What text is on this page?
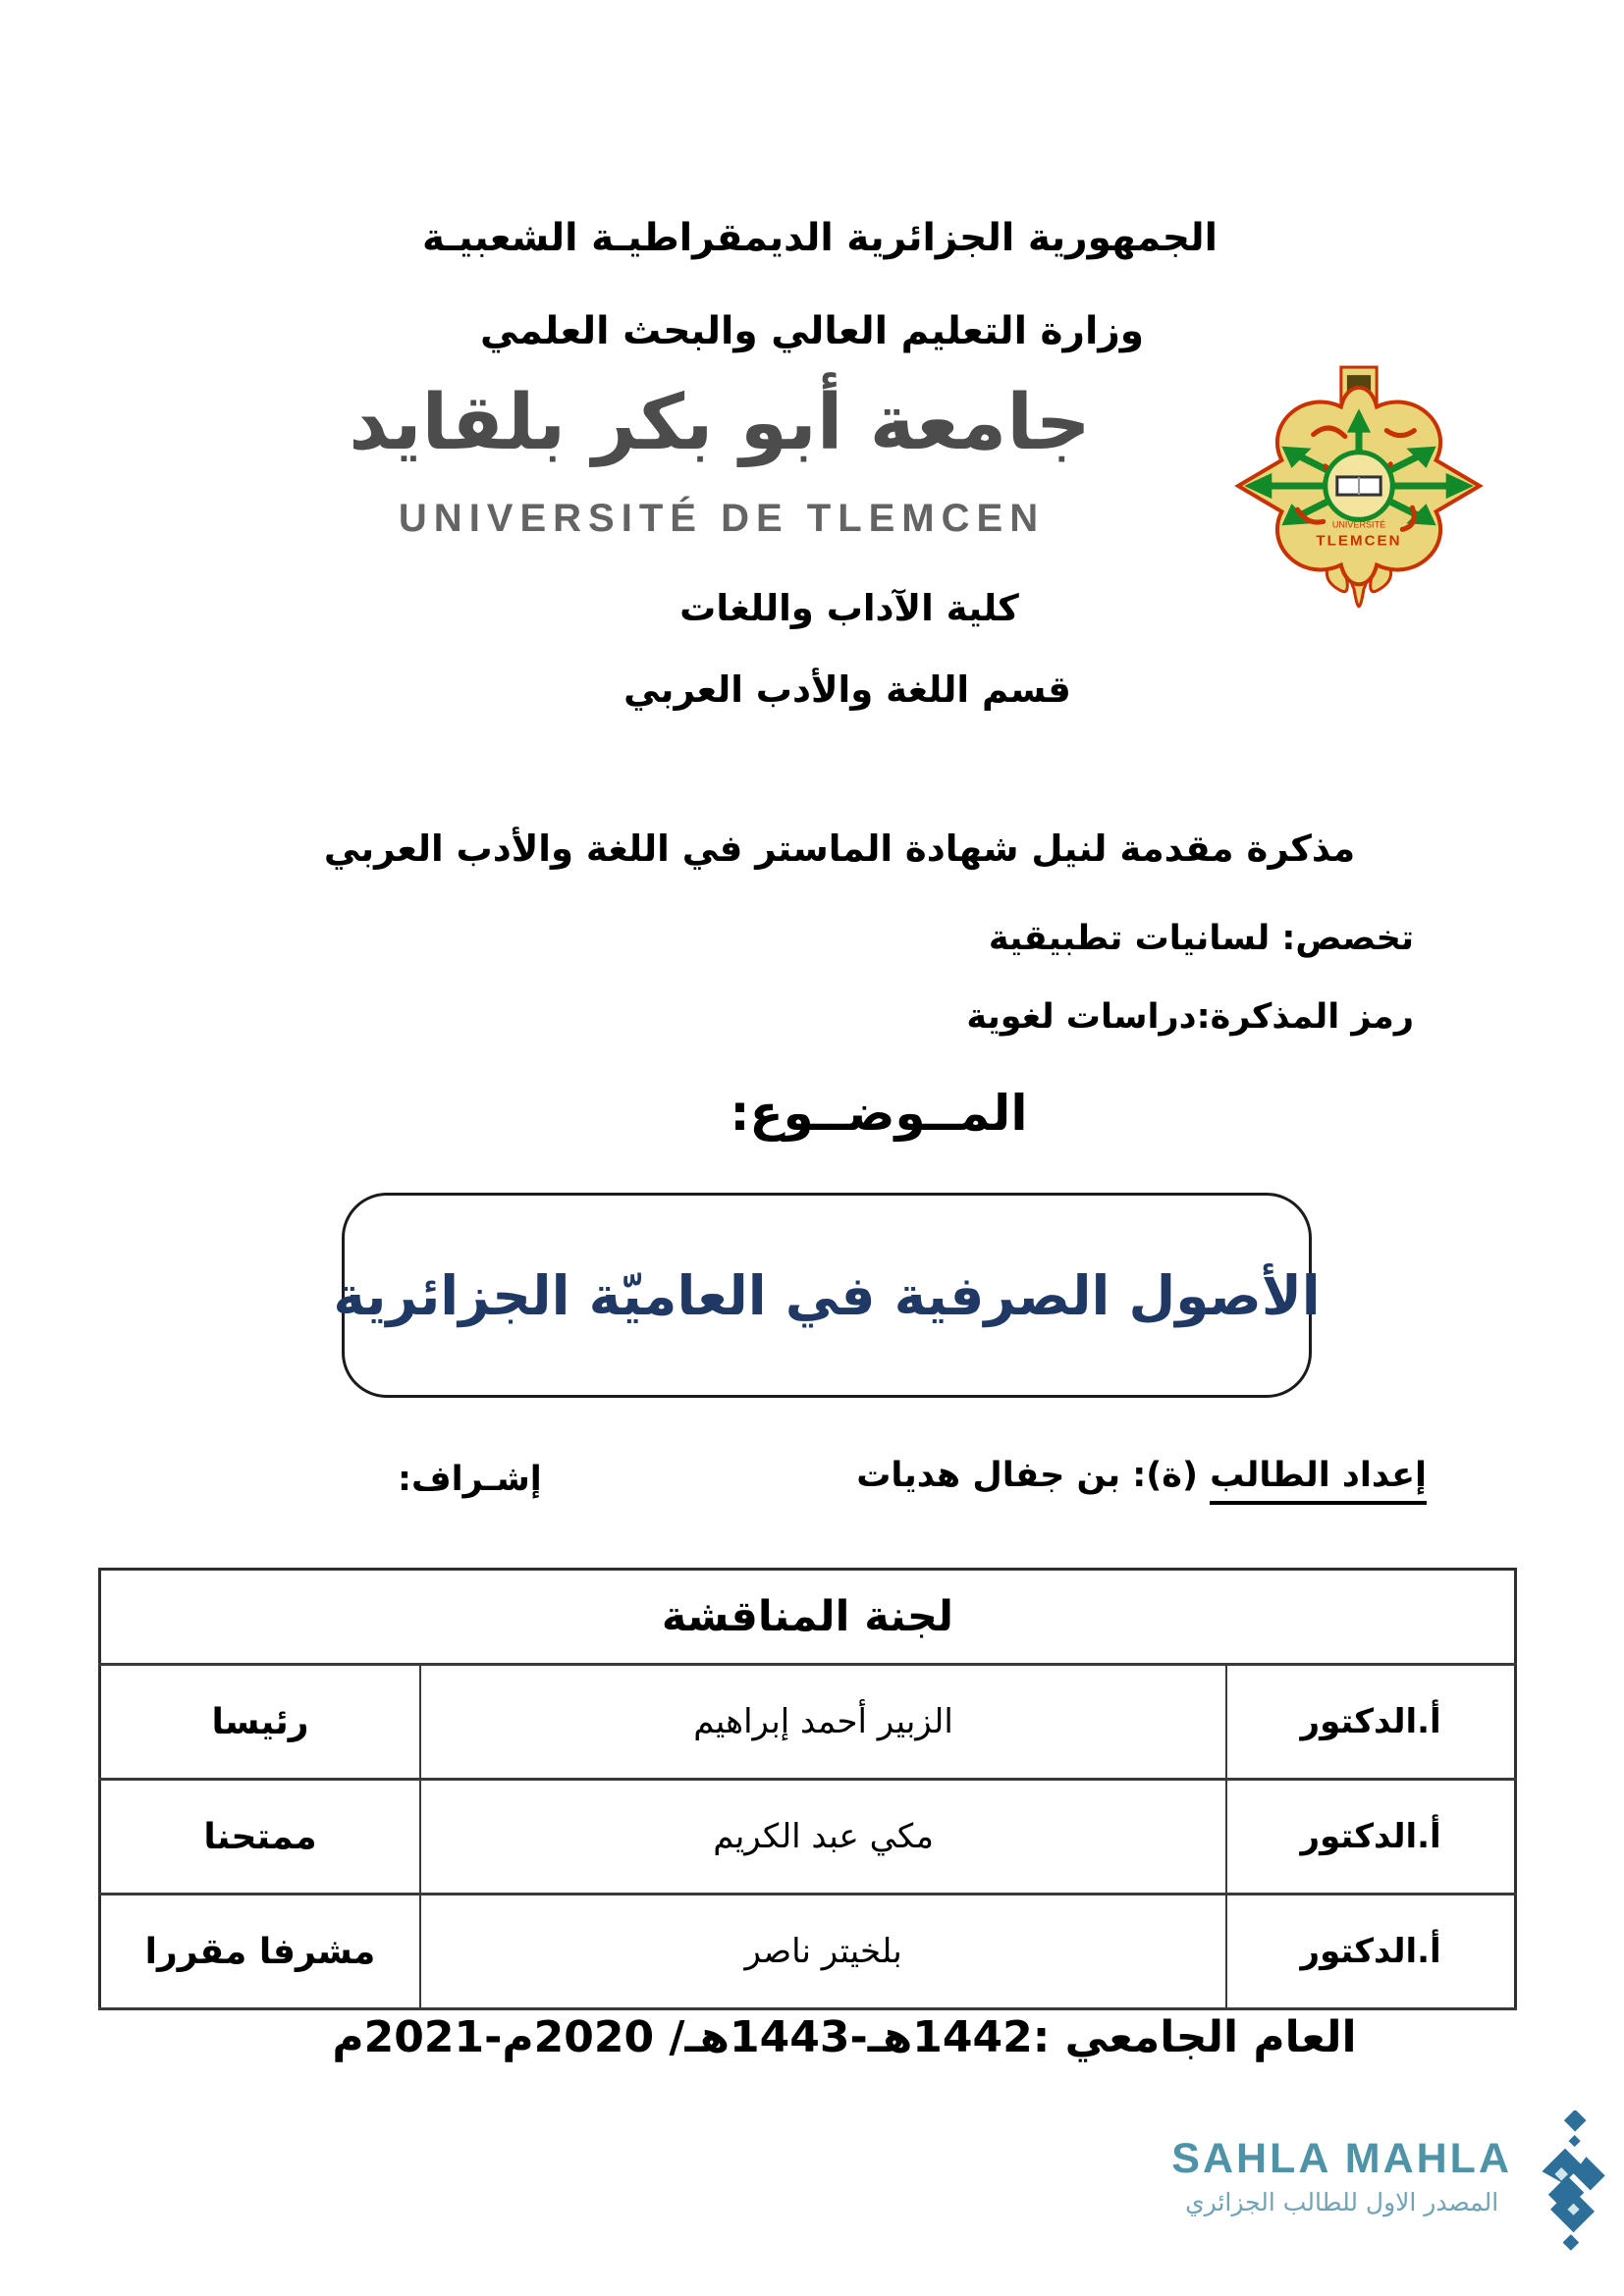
الجمهورية الجزائرية الديمقراطيـة الشعبيـة
وزارة التعليم العالي والبحث العلمي
جامعة أبو بكر بلقايد
UNIVERSITÉ DE TLEMCEN	UNIVERSITÉ
TLEMCEN
كلية الآداب واللغات
قسم اللغة والأدب العربي
مذكرة مقدمة لنيل شهادة الماستر في اللغة والأدب العربي
تخصص: لسانيات تطبيقية
رمز المذكرة:دراسات لغوية
المــوضــوع:
الأصول الصرفية في العاميّة الجزائرية
إعداد الطالب (ة): بن جفال هديات
إشـراف:
لجنة المناقشة		
أ.الدكتور	الزبير أحمد إبراهيم	رئيسا
أ.الدكتور	مكي عبد الكريم	ممتحنا
أ.الدكتور	بلخيتر ناصر	مشرفا مقررا
العام الجامعي :1442هـ-1443هـ/ 2020م-2021م
SAHLA MAHLA
المصدر الاول للطالب الجزائري
